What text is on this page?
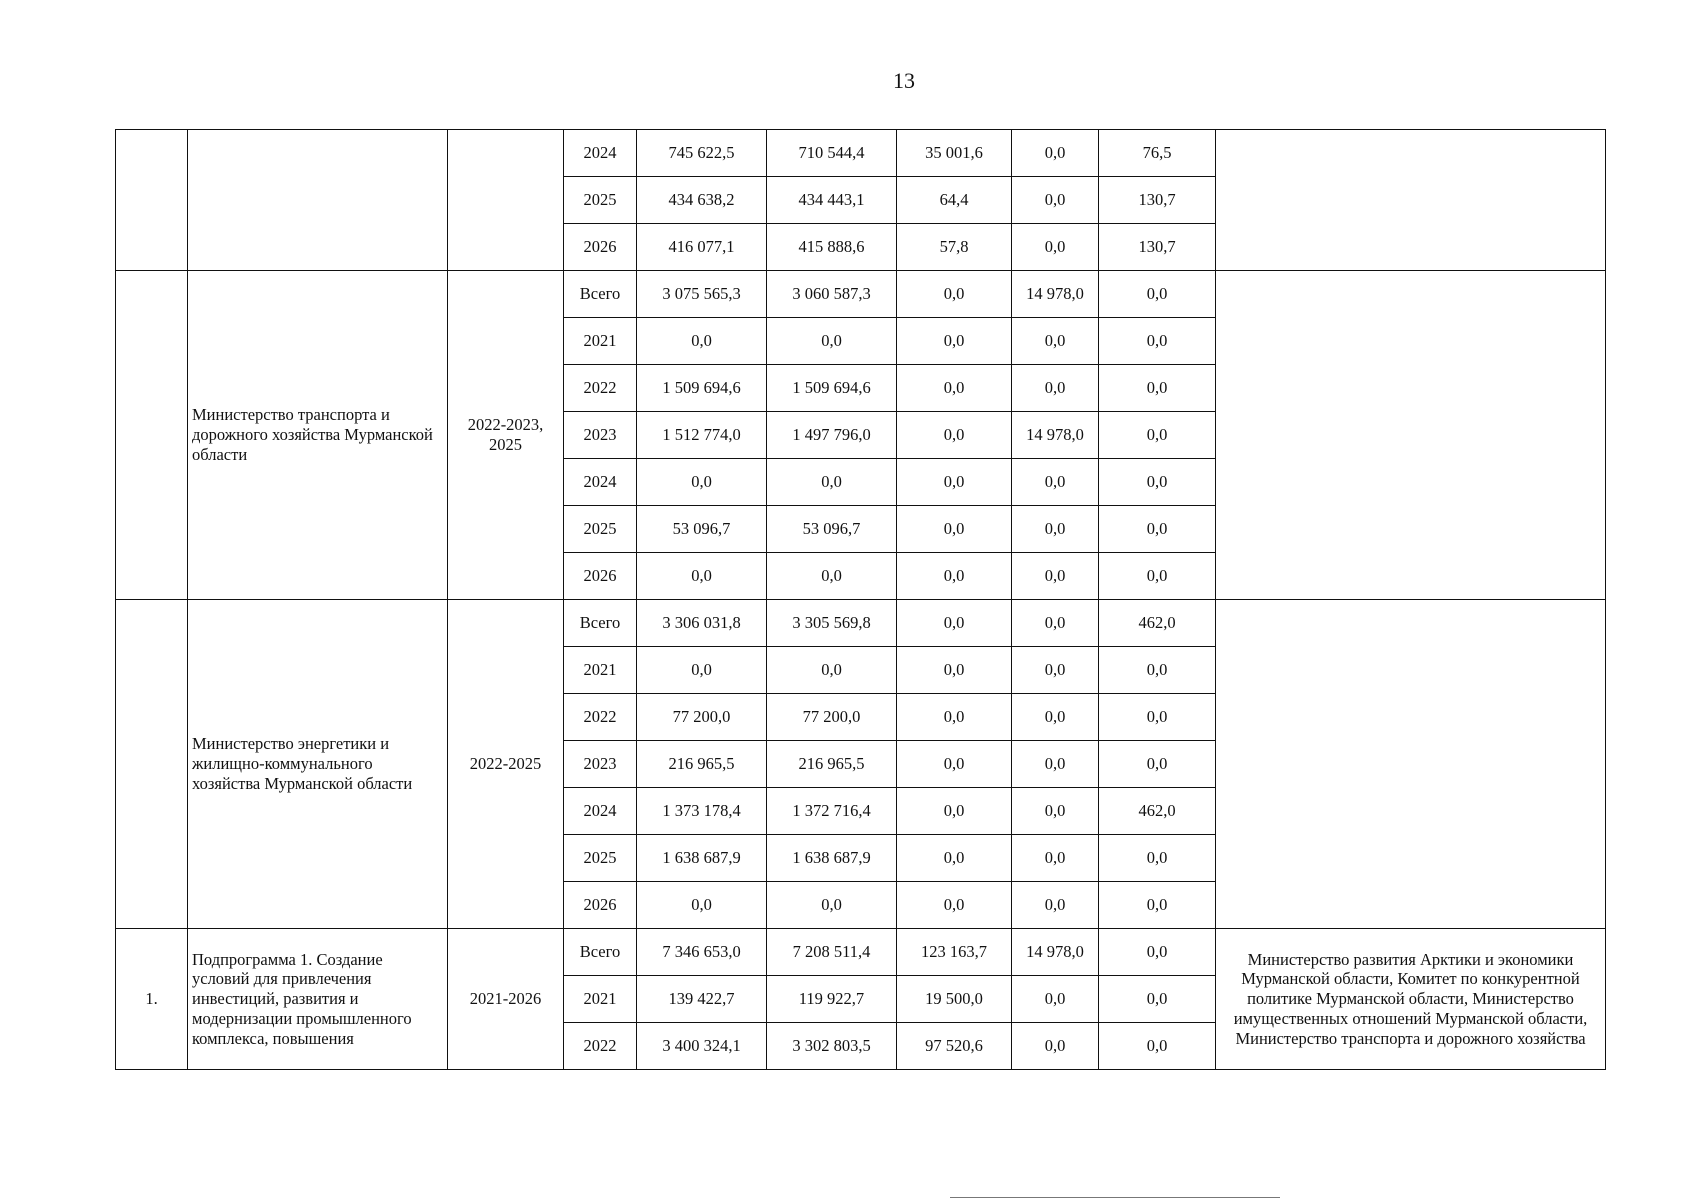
13
			2024	745 622,5	710 544,4	35 001,6	0,0	76,5	
			2025	434 638,2	434 443,1	64,4	0,0	130,7	
			2026	416 077,1	415 888,6	57,8	0,0	130,7	
	Министерство транспорта и дорожного хозяйства Мурманской области	2022-2023, 2025	Всего	3 075 565,3	3 060 587,3	0,0	14 978,0	0,0	
			2021	0,0	0,0	0,0	0,0	0,0	
			2022	1 509 694,6	1 509 694,6	0,0	0,0	0,0	
			2023	1 512 774,0	1 497 796,0	0,0	14 978,0	0,0	
			2024	0,0	0,0	0,0	0,0	0,0	
			2025	53 096,7	53 096,7	0,0	0,0	0,0	
			2026	0,0	0,0	0,0	0,0	0,0	
	Министерство энергетики и жилищно-коммунального хозяйства Мурманской области	2022-2025	Всего	3 306 031,8	3 305 569,8	0,0	0,0	462,0	
			2021	0,0	0,0	0,0	0,0	0,0	
			2022	77 200,0	77 200,0	0,0	0,0	0,0	
			2023	216 965,5	216 965,5	0,0	0,0	0,0	
			2024	1 373 178,4	1 372 716,4	0,0	0,0	462,0	
			2025	1 638 687,9	1 638 687,9	0,0	0,0	0,0	
			2026	0,0	0,0	0,0	0,0	0,0	
1.	Подпрограмма 1. Создание условий для привлечения инвестиций, развития и модернизации промышленного комплекса, повышения	2021-2026	Всего	7 346 653,0	7 208 511,4	123 163,7	14 978,0	0,0	Министерство развития Арктики и экономики Мурманской области, Комитет по конкурентной политике Мурманской области, Министерство имущественных отношений Мурманской области, Министерство транспорта и дорожного хозяйства
			2021	139 422,7	119 922,7	19 500,0	0,0	0,0	
			2022	3 400 324,1	3 302 803,5	97 520,6	0,0	0,0	
